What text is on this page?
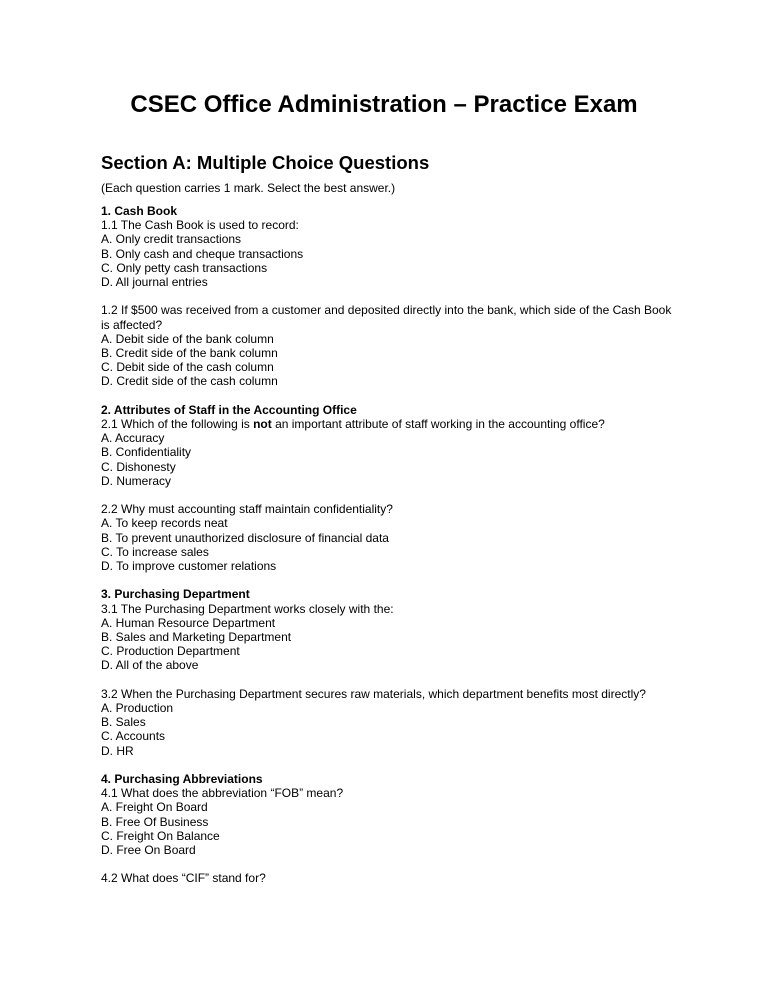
CSEC Office Administration – Practice Exam
Section A: Multiple Choice Questions

(Each question carries 1 mark. Select the best answer.)

1. Cash Book
1.1 The Cash Book is used to record:
A. Only credit transactions
B. Only cash and cheque transactions
C. Only petty cash transactions
D. All journal entries
1.2 If $500 was received from a customer and deposited directly into the bank, which side of the Cash Book is affected?
A. Debit side of the bank column
B. Credit side of the bank column
C. Debit side of the cash column
D. Credit side of the cash column
2. Attributes of Staff in the Accounting Office
2.1 Which of the following is not an important attribute of staff working in the accounting office?
A. Accuracy
B. Confidentiality
C. Dishonesty
D. Numeracy
2.2 Why must accounting staff maintain confidentiality?
A. To keep records neat
B. To prevent unauthorized disclosure of financial data
C. To increase sales
D. To improve customer relations
3. Purchasing Department
3.1 The Purchasing Department works closely with the:
A. Human Resource Department
B. Sales and Marketing Department
C. Production Department
D. All of the above
3.2 When the Purchasing Department secures raw materials, which department benefits most directly?
A. Production
B. Sales
C. Accounts
D. HR
4. Purchasing Abbreviations
4.1 What does the abbreviation “FOB” mean?
A. Freight On Board
B. Free Of Business
C. Freight On Balance
D. Free On Board
4.2 What does “CIF” stand for?
